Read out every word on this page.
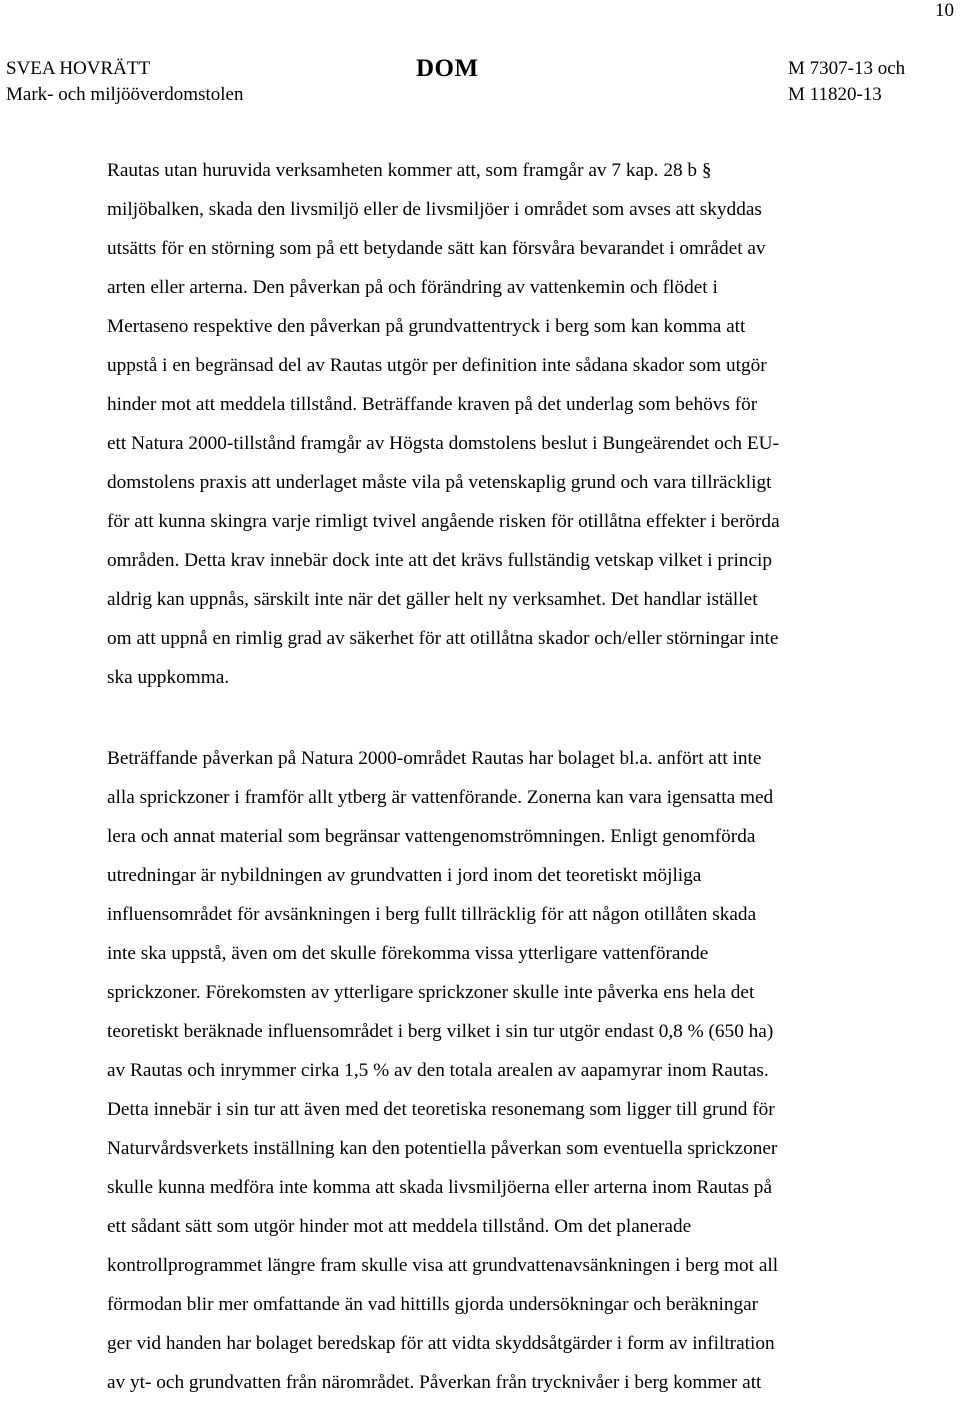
10
SVEA HOVRÄTT
Mark- och miljööverdomstolen
DOM	M 7307-13 och
M 11820-13
Rautas utan huruvida verksamheten kommer att, som framgår av 7 kap. 28 b §
miljöbalken, skada den livsmiljö eller de livsmiljöer i området som avses att skyddas
utsätts för en störning som på ett betydande sätt kan försvåra bevarandet i området av
arten eller arterna. Den påverkan på och förändring av vattenkemin och flödet i
Mertaseno respektive den påverkan på grundvattentryck i berg som kan komma att
uppstå i en begränsad del av Rautas utgör per definition inte sådana skador som utgör
hinder mot att meddela tillstånd. Beträffande kraven på det underlag som behövs för
ett Natura 2000-tillstånd framgår av Högsta domstolens beslut i Bungeärendet och EU-
domstolens praxis att underlaget måste vila på vetenskaplig grund och vara tillräckligt
för att kunna skingra varje rimligt tvivel angående risken för otillåtna effekter i berörda
områden. Detta krav innebär dock inte att det krävs fullständig vetskap vilket i princip
aldrig kan uppnås, särskilt inte när det gäller helt ny verksamhet. Det handlar istället
om att uppnå en rimlig grad av säkerhet för att otillåtna skador och/eller störningar inte
ska uppkomma.
Beträffande påverkan på Natura 2000-området Rautas har bolaget bl.a. anfört att inte
alla sprickzoner i framför allt ytberg är vattenförande. Zonerna kan vara igensatta med
lera och annat material som begränsar vattengenomströmningen. Enligt genomförda
utredningar är nybildningen av grundvatten i jord inom det teoretiskt möjliga
influensområdet för avsänkningen i berg fullt tillräcklig för att någon otillåten skada
inte ska uppstå, även om det skulle förekomma vissa ytterligare vattenförande
sprickzoner. Förekomsten av ytterligare sprickzoner skulle inte påverka ens hela det
teoretiskt beräknade influensområdet i berg vilket i sin tur utgör endast 0,8 % (650 ha)
av Rautas och inrymmer cirka 1,5 % av den totala arealen av aapamyrar inom Rautas.
Detta innebär i sin tur att även med det teoretiska resonemang som ligger till grund för
Naturvårdsverkets inställning kan den potentiella påverkan som eventuella sprickzoner
skulle kunna medföra inte komma att skada livsmiljöerna eller arterna inom Rautas på
ett sådant sätt som utgör hinder mot att meddela tillstånd. Om det planerade
kontrollprogrammet längre fram skulle visa att grundvattenavsänkningen i berg mot all
förmodan blir mer omfattande än vad hittills gjorda undersökningar och beräkningar
ger vid handen har bolaget beredskap för att vidta skyddsåtgärder i form av infiltration
av yt- och grundvatten från närområdet. Påverkan från trycknivåer i berg kommer att
